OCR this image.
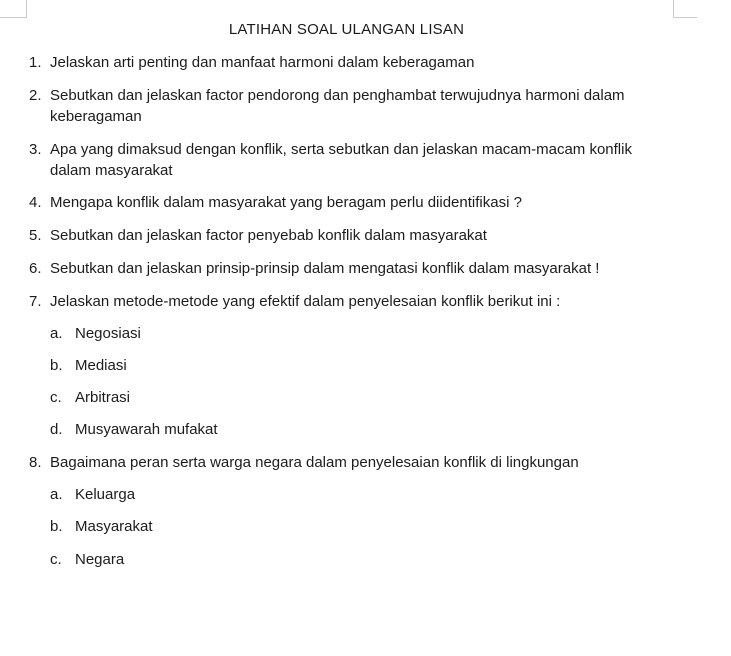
LATIHAN SOAL ULANGAN LISAN
1. Jelaskan arti penting dan manfaat harmoni dalam keberagaman
2. Sebutkan dan jelaskan factor pendorong dan penghambat terwujudnya harmoni dalam
keberagaman
3. Apa yang dimaksud dengan konflik, serta sebutkan dan jelaskan macam-macam konflik
dalam masyarakat
4. Mengapa konflik dalam masyarakat yang beragam perlu diidentifikasi ?
5. Sebutkan dan jelaskan factor penyebab konflik dalam masyarakat
6. Sebutkan dan jelaskan prinsip-prinsip dalam mengatasi konflik dalam masyarakat !
7. Jelaskan metode-metode yang efektif dalam penyelesaian konflik berikut ini :
a. Negosiasi
b. Mediasi
c. Arbitrasi
d. Musyawarah mufakat
8. Bagaimana peran serta warga negara dalam penyelesaian konflik di lingkungan
a. Keluarga
b. Masyarakat
c. Negara
